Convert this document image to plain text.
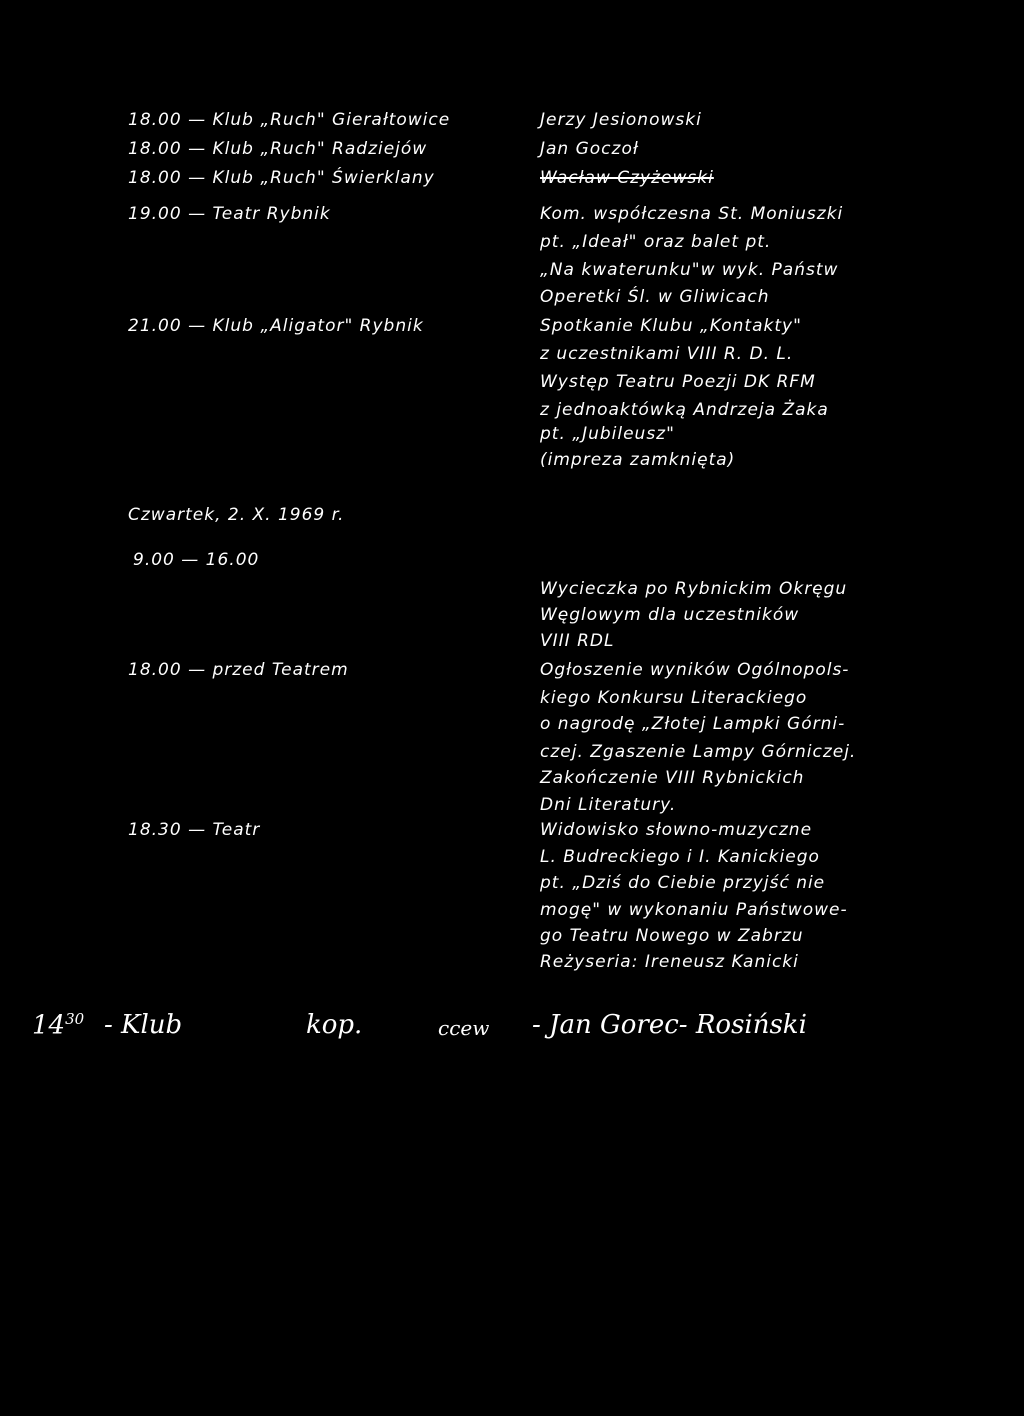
18.00 — Klub „Ruch" Gierałtowice
18.00 — Klub „Ruch" Radziejów
18.00 — Klub „Ruch" Świerklany
19.00 — Teatr Rybnik
21.00 — Klub „Aligator" Rybnik
Jerzy Jesionowski
Jan Goczoł
Wacław Czyżewski
Kom. współczesna St. Moniuszki
pt. „Ideał" oraz balet pt.
„Na kwaterunku"w wyk. Państw
Operetki Śl. w Gliwicach
Spotkanie Klubu „Kontakty"
z uczestnikami VIII R. D. L.
Występ Teatru Poezji DK RFM
z jednoaktówką Andrzeja Żaka
pt. „Jubileusz"
(impreza zamknięta)
Czwartek, 2. X. 1969 r.
9.00 — 16.00
18.00 — przed Teatrem
18.30 — Teatr
Wycieczka po Rybnickim Okręgu
Węglowym dla uczestników
VIII RDL
Ogłoszenie wyników Ogólnopols-
kiego Konkursu Literackiego
o nagrodę „Złotej Lampki Górni-
czej. Zgaszenie Lampy Górniczej.
Zakończenie VIII Rybnickich
Dni Literatury.
Widowisko słowno-muzyczne
L. Budreckiego i I. Kanickiego
pt. „Dziś do Ciebie przyjść nie
mogę" w wykonaniu Państwowe-
go Teatru Nowego w Zabrzu
Reżyseria: Ireneusz Kanicki
$14^{30}$ - Klub	kop.	ccew - Jan Gorec- Rosiński
